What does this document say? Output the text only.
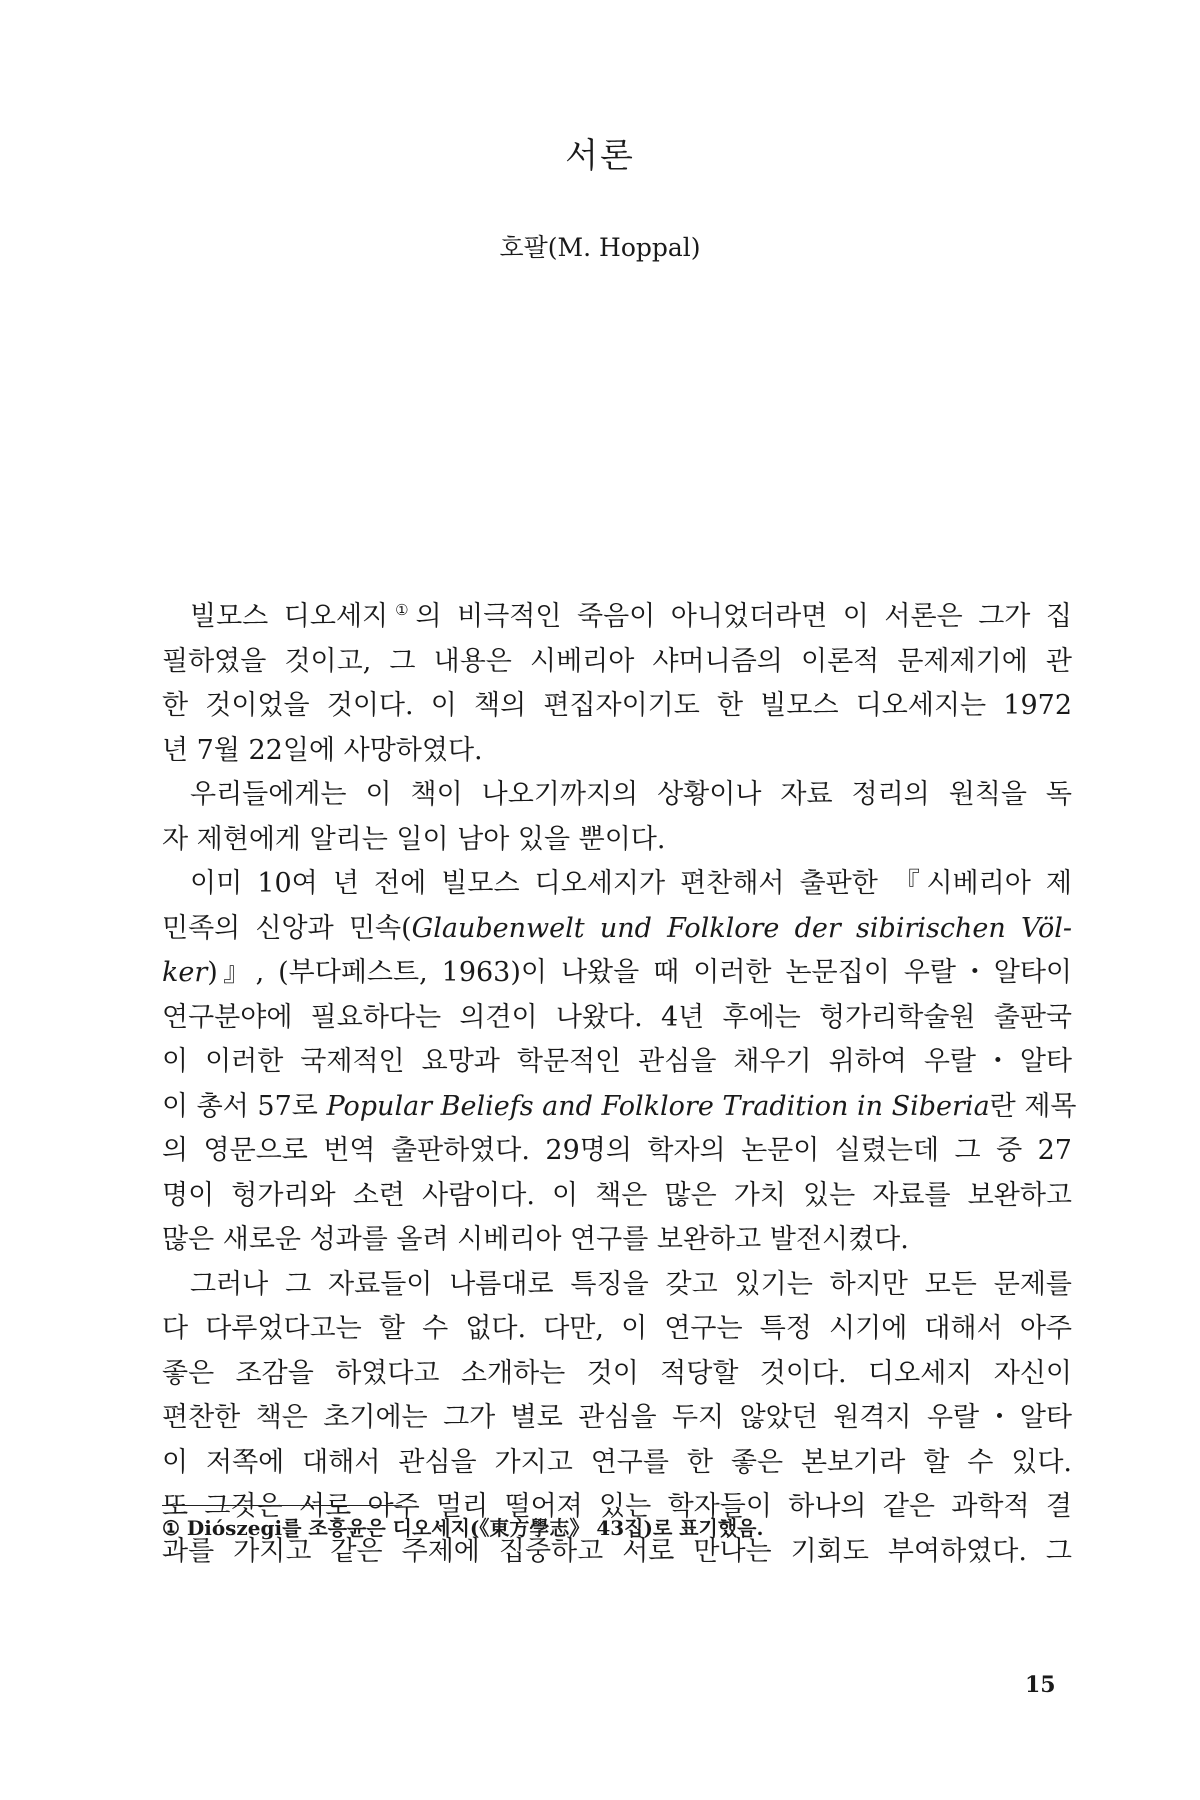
서론
호팔(M. Hoppal)
빌모스 디오세지①의 비극적인 죽음이 아니었더라면 이 서론은 그가 집
필하였을 것이고, 그 내용은 시베리아 샤머니즘의 이론적 문제제기에 관
한 것이었을 것이다. 이 책의 편집자이기도 한 빌모스 디오세지는 1972
년 7월 22일에 사망하였다.
우리들에게는 이 책이 나오기까지의 상황이나 자료 정리의 원칙을 독
자 제현에게 알리는 일이 남아 있을 뿐이다.
이미 10여 년 전에 빌모스 디오세지가 편찬해서 출판한 『시베리아 제
민족의 신앙과 민속(Glaubenwelt und Folklore der sibirischen Völ-
ker)』, (부다페스트, 1963)이 나왔을 때 이러한 논문집이 우랄・알타이
연구분야에 필요하다는 의견이 나왔다. 4년 후에는 헝가리학술원 출판국
이 이러한 국제적인 요망과 학문적인 관심을 채우기 위하여 우랄・알타
이 총서 57로 Popular Beliefs and Folklore Tradition in Siberia란 제목
의 영문으로 번역 출판하였다. 29명의 학자의 논문이 실렸는데 그 중 27
명이 헝가리와 소련 사람이다. 이 책은 많은 가치 있는 자료를 보완하고
많은 새로운 성과를 올려 시베리아 연구를 보완하고 발전시켰다.
그러나 그 자료들이 나름대로 특징을 갖고 있기는 하지만 모든 문제를
다 다루었다고는 할 수 없다. 다만, 이 연구는 특정 시기에 대해서 아주
좋은 조감을 하였다고 소개하는 것이 적당할 것이다. 디오세지 자신이
편찬한 책은 초기에는 그가 별로 관심을 두지 않았던 원격지 우랄・알타
이 저쪽에 대해서 관심을 가지고 연구를 한 좋은 본보기라 할 수 있다.
또 그것은 서로 아주 멀리 떨어져 있는 학자들이 하나의 같은 과학적 결
과를 가지고 같은 주제에 집중하고 서로 만나는 기회도 부여하였다. 그
① Diószegi를 조흥윤은 디오세지(《東方學志》 43집)로 표기했음.
15
